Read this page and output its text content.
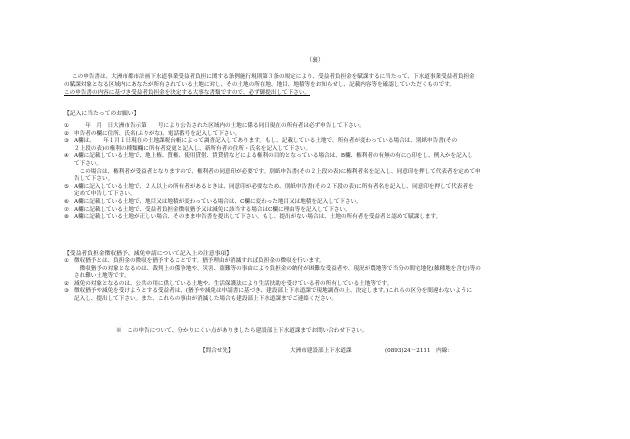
（裏）
この申告書は、大洲市都市計画下水道事業受益者負担に関する条例施行規則第３条の規定により、受益者負担金を賦課するに当たって、下水道事業受益者負担金
の賦課対象となる区域内にあなたが所有されている土地に対し、その土地の所在地、地目、地積等をお知らせし、記載内容等を確認していただくものです。
この申告書の内容に基づき受益者負担金を決定する大事な書類ですので、必ず御提出して下さい。
【記入に当たってのお願い】
① 　　年　月　日大洲市告示第　　号により公告された区域内の土地に係る同日現在の所有者は必ず申告して下さい。
② 申告者の欄に住所、氏名(ふりがな)、電話番号を記入して下さい。
③ A欄は、　　年１月１日現在の土地課税台帳によって調査記入してあります。もし、記載している土地で、所有者が変わっている場合は、別紙申告書(その
２上段の表)の権利の種類欄に所有者変更と記入し、新所有者の住所・氏名を記入して下さい。
④ A欄に記載している土地で、地上権、質権、使用貸借、賃貸借などによる権利の目的となっている場合は、B欄、権利者の有無の有に○印をし、例入かを記入し
て下さい。
　この場合は、権利者が受益者となりますので、権利者の同意印が必要です。別紙申告書(その２上段の表)に権利者名を記入し、同意印を押して代表者を定めて申
告して下さい。
⑤ A欄に記入している土地で、２人以上の所有者があるときは、同意印が必要なため、別紙申告書(その２下段の表)に所有者名を記入し、同意印を押して代表者を
定めて申告して下さい。
⑥ A欄に記載している土地で、地目又は地積が変わっている場合は、C欄に変わった地目又は地積を記入して下さい。
⑦ A欄に記載している土地で、受益者負担金徴収猶予又は減免に該当する場合はC欄に理由等を記入して下さい。
⑧ A欄に記載している土地が正しい場合、そのまま申告書を提出して下さい。もし、提出がない場合は、土地の所有者を受益者と認めて賦課します。
【受益者負担金徴収猶予、減免申請について記入上の注意事項】
① 徴収猶予とは、負担金の徴収を猶予することです。猶予理由が消滅すれば負担金の徴収を行います。
　徴収猶予の対象となるのは、裁判上の係争地や、災害、盗難等の事由により負担金の納付が困難な受益者や、現況が農地等で当分の間宅地化(雑種地を含む)等の
され難い土地等です。
② 減免の対象となるのは、公共の用に供している土地や、生活保護法により生活扶助を受けている者の所有している土地等です。
③ 徴収猶予や減免を受けようとする受益者は、(猶予や減免は申請書に基づき、建設部上下水道課で現地調査の上、決定します。)これらの区分を間違わないように
記入し、提出して下さい。また、これらの事由が消滅した場合も建設部上下水道課までご連絡ください。
※　この申告について、分かりにくい点がありましたら建設部上下水道課までお問い合わせ下さい。
【問合せ先】	大洲市建設部上下水道課	(0893)24－2111　内線：
